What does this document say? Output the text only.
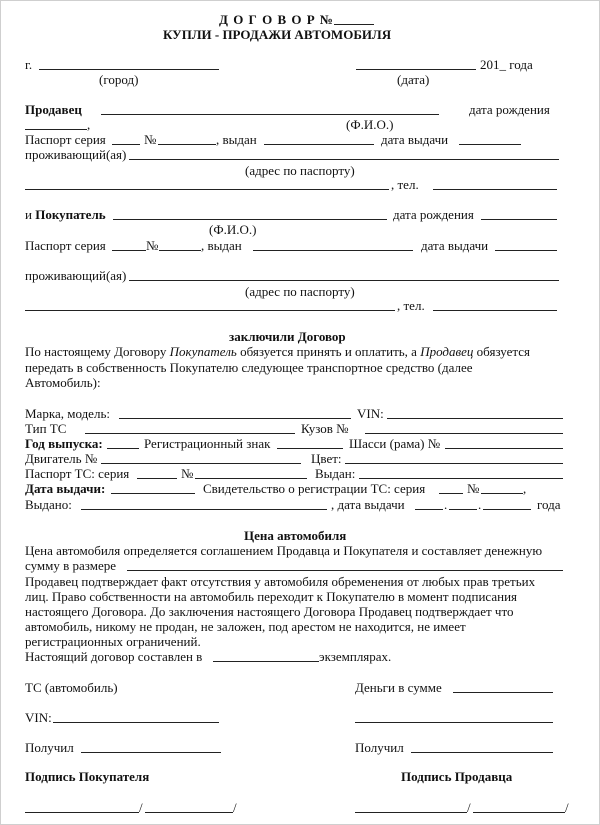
Д О Г О В О Р №
КУПЛИ - ПРОДАЖИ АВТОМОБИЛЯ
г.
(город)
201_ года
(дата)
Продавец	дата рождения
,	(Ф.И.О.)
Паспорт серия	№	, выдан	дата выдачи
проживающий(ая)
(адрес по паспорту)
, тел.
и Покупатель	дата рождения
(Ф.И.О.)
Паспорт серия	№	, выдан	дата выдачи
проживающий(ая)
(адрес по паспорту)
, тел.
заключили Договор
По настоящему Договору Покупатель обязуется принять и оплатить, а Продавец обязуется
передать в собственность Покупателю следующее транспортное средство (далее
Автомобиль):
Марка, модель:	VIN:
Тип ТС	Кузов №
Год выпуска:	Регистрационный знак	Шасси (рама) №
Двигатель №	Цвет:
Паспорт ТС: серия	№	Выдан:
Дата выдачи:	Свидетельство о регистрации ТС: серия	№	,
Выдано:	, дата выдачи	. .	года
Цена автомобиля
Цена автомобиля определяется соглашением Продавца и Покупателя и составляет денежную
сумму в размере
Продавец подтверждает факт отсутствия у автомобиля обременения от любых прав третьих
лиц. Право собственности на автомобиль переходит к Покупателю в момент подписания
настоящего Договора. До заключения настоящего Договора Продавец подтверждает что
автомобиль, никому не продан, не заложен, под арестом не находится, не имеет
регистрационных ограничений.
Настоящий договор составлен в	экземплярах.
ТС (автомобиль)	Деньги в сумме
VIN:
Получил	Получил
Подпись Покупателя	Подпись Продавца
/	/	/	/
